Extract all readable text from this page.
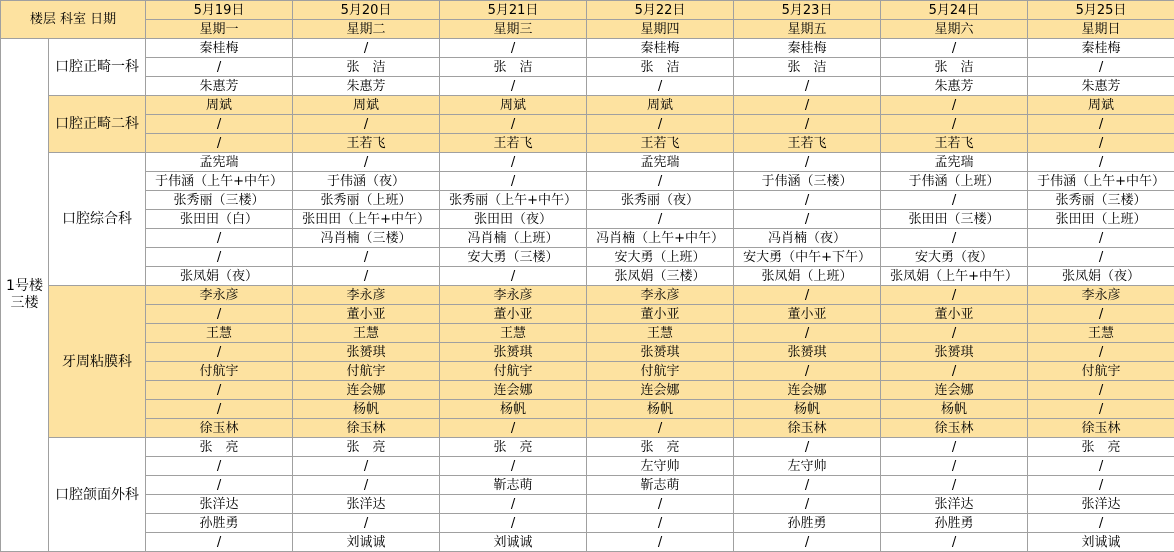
楼层 科室 日期		5月19日	5月20日	5月21日	5月22日	5月23日	5月24日	5月25日
		星期一	星期二	星期三	星期四	星期五	星期六	星期日

1号楼
三楼	口腔正畸一科	秦桂梅	/	/	秦桂梅	秦桂梅	/	秦桂梅
		/	张　洁	张　洁	张　洁	张　洁	张　洁	/
		朱惠芳	朱惠芳	/	/	/	朱惠芳	朱惠芳
	口腔正畸二科	周斌	周斌	周斌	周斌	/	/	周斌
		/	/	/	/	/	/	/
		/	王若飞	王若飞	王若飞	王若飞	王若飞	/
	口腔综合科	孟宪瑞	/	/	孟宪瑞	/	孟宪瑞	/
		于伟涵（上午+中午）	于伟涵（夜）	/	/	于伟涵（三楼）	于伟涵（上班）	于伟涵（上午+中午）
		张秀丽（三楼）	张秀丽（上班）	张秀丽（上午+中午）	张秀丽（夜）	/	/	张秀丽（三楼）
		张田田（白）	张田田（上午+中午）	张田田（夜）	/	/	张田田（三楼）	张田田（上班）
		/	冯肖楠（三楼）	冯肖楠（上班）	冯肖楠（上午+中午）	冯肖楠（夜）	/	/
		/	/	安大勇（三楼）	安大勇（上班）	安大勇（中午+下午）	安大勇（夜）	/
		张凤娟（夜）	/	/	张凤娟（三楼）	张凤娟（上班）	张凤娟（上午+中午）	张凤娟（夜）
	牙周粘膜科	李永彦	李永彦	李永彦	李永彦	/	/	李永彦
		/	董小亚	董小亚	董小亚	董小亚	董小亚	/
		王慧	王慧	王慧	王慧	/	/	王慧
		/	张赟琪	张赟琪	张赟琪	张赟琪	张赟琪	/
		付航宇	付航宇	付航宇	付航宇	/	/	付航宇
		/	连会娜	连会娜	连会娜	连会娜	连会娜	/
		/	杨帆	杨帆	杨帆	杨帆	杨帆	/
		徐玉林	徐玉林	/	/	徐玉林	徐玉林	徐玉林
	口腔颌面外科	张　亮	张　亮	张　亮	张　亮	/	/	张　亮
		/	/	/	左守帅	左守帅	/	/
		/	/	靳志萌	靳志萌	/	/	/
		张洋达	张洋达	/	/	/	张洋达	张洋达
		孙胜勇	/	/	/	孙胜勇	孙胜勇	/
		/	刘诚诚	刘诚诚	/	/	/	刘诚诚
